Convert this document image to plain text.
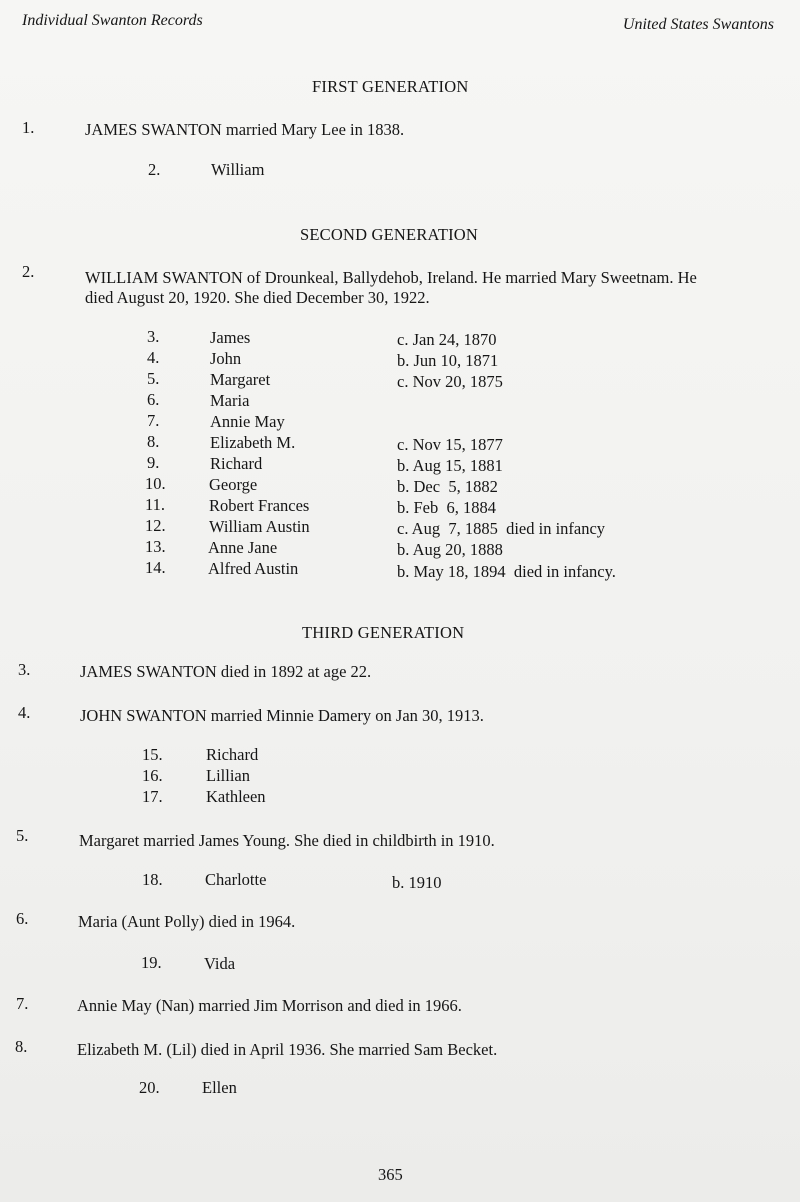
Individual Swanton Records	United States Swantons
FIRST GENERATION
1.	JAMES SWANTON married Mary Lee in 1838.
2.	William
SECOND GENERATION
2.	WILLIAM SWANTON of Drounkeal, Ballydehob, Ireland. He married Mary Sweetnam. He
died August 20, 1920. She died December 30, 1922.
3.	James	c. Jan 24, 1870
4.	John	b. Jun 10, 1871
5.	Margaret	c. Nov 20, 1875
6.	Maria
7.	Annie May
8.	Elizabeth M.	c. Nov 15, 1877
9.	Richard	b. Aug 15, 1881
10.	George	b. Dec  5, 1882
11.	Robert Frances	b. Feb  6, 1884
12.	William Austin	c. Aug  7, 1885  died in infancy
13.	Anne Jane	b. Aug 20, 1888
14.	Alfred Austin	b. May 18, 1894  died in infancy.
THIRD GENERATION
3.	JAMES SWANTON died in 1892 at age 22.
4.	JOHN SWANTON married Minnie Damery on Jan 30, 1913.
15.	Richard
16.	Lillian
17.	Kathleen
5.	Margaret married James Young. She died in childbirth in 1910.
18.	Charlotte	b. 1910
6.	Maria (Aunt Polly) died in 1964.
19.	Vida
7.	Annie May (Nan) married Jim Morrison and died in 1966.
8.	Elizabeth M. (Lil) died in April 1936. She married Sam Becket.
20.	Ellen
365
